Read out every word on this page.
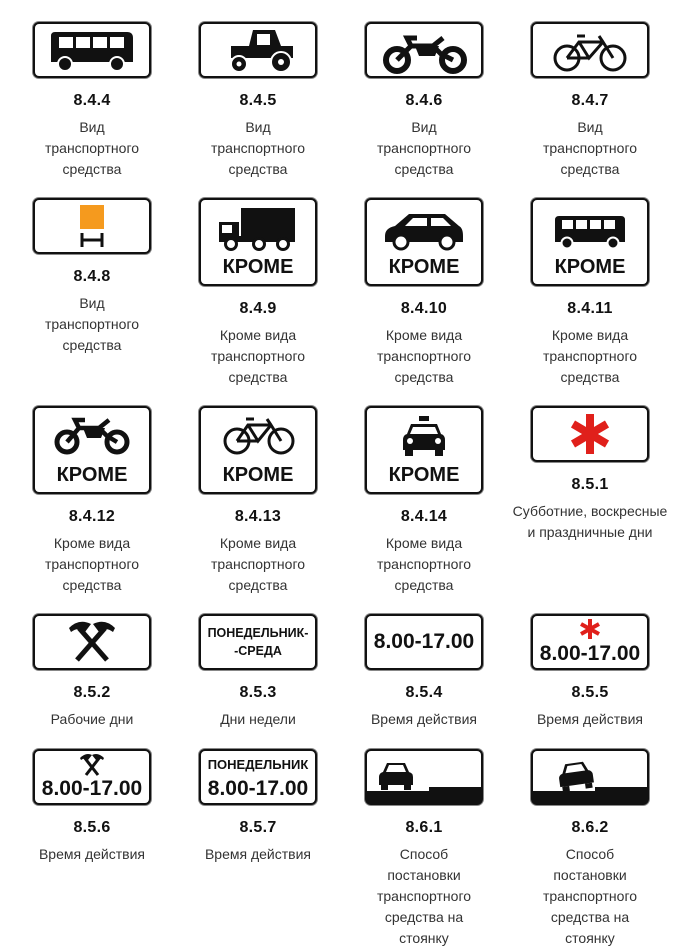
8.4.4
Вид транспортного средства
8.4.5
Вид транспортного средства
8.4.6
Вид транспортного средства
8.4.7
Вид транспортного средства
8.4.8
Вид транспортного средства
КРОМЕ
8.4.9
Кроме вида транспортного средства
КРОМЕ
8.4.10
Кроме вида транспортного средства
КРОМЕ
8.4.11
Кроме вида транспортного средства
КРОМЕ
8.4.12
Кроме вида транспортного средства
КРОМЕ
8.4.13
Кроме вида транспортного средства
КРОМЕ
8.4.14
Кроме вида транспортного средства
8.5.1
Субботние, воскресные и праздничные дни
8.5.2
Рабочие дни
ПОНЕДЕЛЬНИК-
-СРЕДА
8.5.3
Дни недели
8.00-17.00
8.5.4
Время действия
8.00-17.00
8.5.5
Время действия
8.00-17.00
8.5.6
Время действия
ПОНЕДЕЛЬНИК
8.00-17.00
8.5.7
Время действия
8.6.1
Способ постановки транспортного средства на стоянку
8.6.2
Способ постановки транспортного средства на стоянку
